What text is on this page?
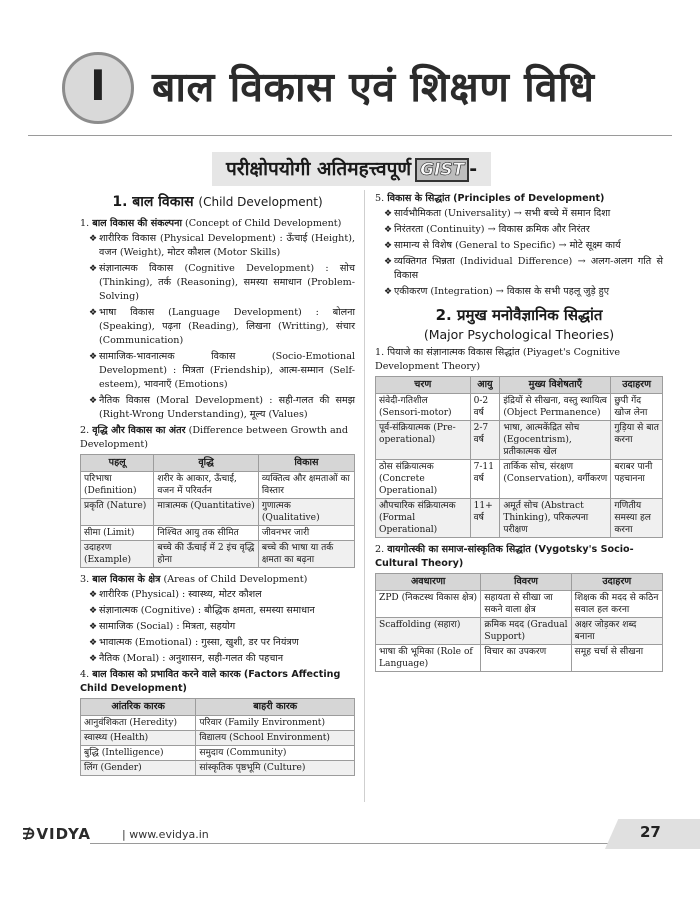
I	बाल विकास एवं शिक्षण विधि
परीक्षोपयोगी अतिमहत्त्वपूर्ण GIST -
1. बाल विकास (Child Development)
1. बाल विकास की संकल्पना (Concept of Child Development)
❖ शारीरिक विकास (Physical Development) : ऊँचाई (Height), वजन (Weight), मोटर कौशल (Motor Skills)
❖ संज्ञानात्मक विकास (Cognitive Development) : सोच (Thinking), तर्क (Reasoning), समस्या समाधान (Problem-Solving)
❖ भाषा विकास (Language Development) : बोलना (Speaking), पढ़ना (Reading), लिखना (Writting), संचार (Communication)
❖ सामाजिक-भावनात्मक विकास (Socio-Emotional Development) : मित्रता (Friendship), आत्म-सम्मान (Self-esteem), भावनाएँ (Emotions)
❖ नैतिक विकास (Moral Development) : सही-गलत की समझ (Right-Wrong Understanding), मूल्य (Values)
2. वृद्धि और विकास का अंतर (Difference between Growth and Development)
पहलू	वृद्धि	विकास
परिभाषा (Definition)	शरीर के आकार, ऊँचाई, वजन में परिवर्तन	व्यक्तित्व और क्षमताओं का विस्तार
प्रकृति (Nature)	मात्रात्मक (Quantitative)	गुणात्मक (Qualitative)
सीमा (Limit)	निश्चित आयु तक सीमित	जीवनभर जारी
उदाहरण (Example)	बच्चे की ऊँचाई में 2 इंच वृद्धि होना	बच्चे की भाषा या तर्क क्षमता का बढ़ना
3. बाल विकास के क्षेत्र (Areas of Child Development)
❖ शारीरिक (Physical) : स्वास्थ्य, मोटर कौशल
❖ संज्ञानात्मक (Cognitive) : बौद्धिक क्षमता, समस्या समाधान
❖ सामाजिक (Social) : मित्रता, सहयोग
❖ भावात्मक (Emotional) : गुस्सा, खुशी, डर पर नियंत्रण
❖ नैतिक (Moral) : अनुशासन, सही-गलत की पहचान
4. बाल विकास को प्रभावित करने वाले कारक (Factors Affecting Child Development)
आंतरिक कारक	बाहरी कारक
आनुवंशिकता (Heredity)	परिवार (Family Environment)
स्वास्थ्य (Health)	विद्यालय (School Environment)
बुद्धि (Intelligence)	समुदाय (Community)
लिंग (Gender)	सांस्कृतिक पृष्ठभूमि (Culture)
5. विकास के सिद्धांत (Principles of Development)
❖ सार्वभौमिकता (Universality) → सभी बच्चे में समान दिशा
❖ निरंतरता (Continuity) → विकास क्रमिक और निरंतर
❖ सामान्य से विशेष (General to Specific) → मोटे सूक्ष्म कार्य
❖ व्यक्तिगत भिन्नता (Individual Difference) → अलग-अलग गति से विकास
❖ एकीकरण (Integration) → विकास के सभी पहलू जुड़े हुए
2. प्रमुख मनोवैज्ञानिक सिद्धांत
(Major Psychological Theories)
1. पियाजे का संज्ञानात्मक विकास सिद्धांत (Piyaget's Cognitive Development Theory)
चरण	आयु	मुख्य विशेषताएँ	उदाहरण
संवेदी-गतिशील (Sensori-motor)	0-2 वर्ष	इंद्रियों से सीखना, वस्तु स्थायित्व (Object Permanence)	छुपी गेंद खोज लेना
पूर्व-संक्रियात्मक (Pre-operational)	2-7 वर्ष	भाषा, आत्मकेंद्रित सोच (Egocentrism), प्रतीकात्मक खेल	गुड़िया से बात करना
ठोस संक्रियात्मक (Concrete Operational)	7-11 वर्ष	तार्किक सोच, संरक्षण (Conservation), वर्गीकरण	बराबर पानी पहचानना
औपचारिक संक्रियात्मक (Formal Operational)	11+ वर्ष	अमूर्त सोच (Abstract Thinking), परिकल्पना परीक्षण	गणितीय समस्या हल करना
2. वायगोत्स्की का समाज-सांस्कृतिक सिद्धांत (Vygotsky's Socio-Cultural Theory)
अवधारणा	विवरण	उदाहरण
ZPD (निकटस्थ विकास क्षेत्र)	सहायता से सीखा जा सकने वाला क्षेत्र	शिक्षक की मदद से कठिन सवाल हल करना
Scaffolding (सहारा)	क्रमिक मदद (Gradual Support)	अक्षर जोड़कर शब्द बनाना
भाषा की भूमिका (Role of Language)	विचार का उपकरण	समूह चर्चा से सीखना
∌VIDYA	| www.evidya.in	27
